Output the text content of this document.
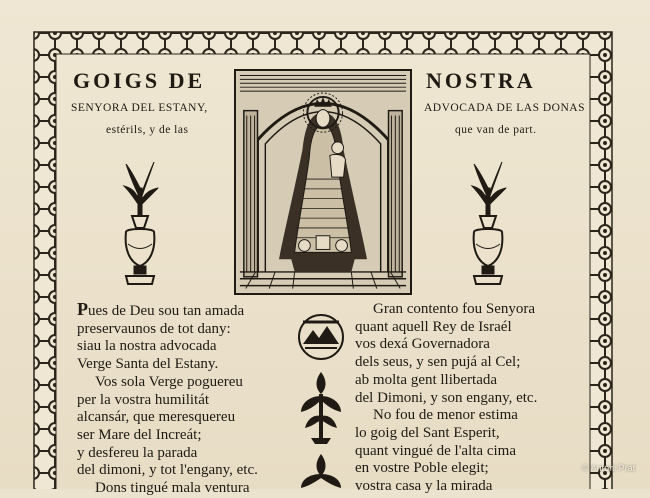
GOIGS DE	NOSTRA
SENYORA DEL ESTANY,	ADVOCADA DE LAS DONAS
estérils, y de las	que van de part.
Pues de Deu sou tan amada
preservaunos de tot dany:
siau la nostra advocada
Verge Santa del Estany.
Vos sola Verge poguereu
per la vostra humilitát
alcansár, que meresquereu
ser Mare del Increát;
y desfereu la parada
del dimoni, y tot l'engany, etc.
Dons tingué mala ventura
Gran contento fou Senyora
quant aquell Rey de Israél
vos dexá Governadora
dels seus, y sen pujá al Cel;
ab molta gent llibertada
del Dimoni, y son engany, etc.
No fou de menor estima
lo goig del Sant Esperit,
quant vingué de l'alta cima
en vostre Poble elegit;
vostra casa y la mirada
© Antoni Prat
